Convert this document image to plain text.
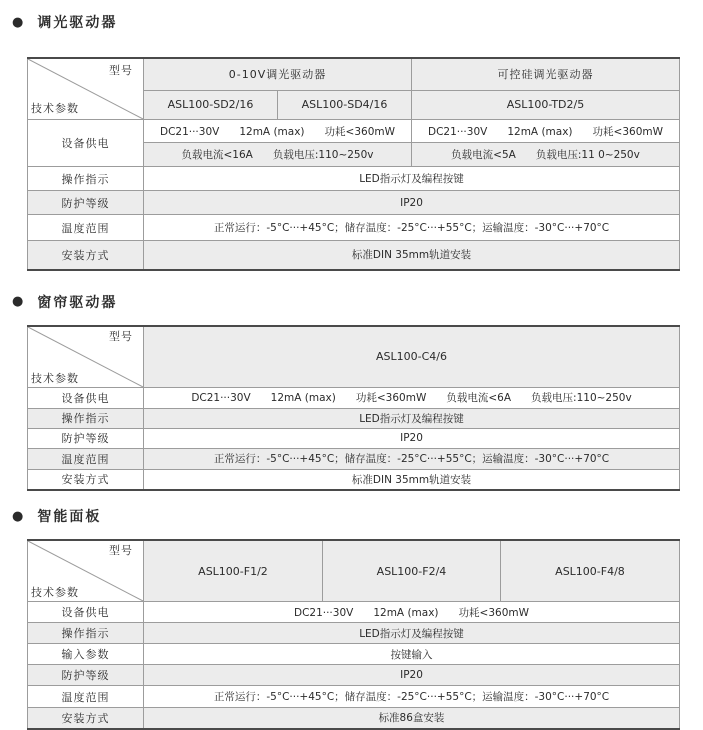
● 调光驱动器

型号

技术参数	0-10V调光驱动器		可控硅调光驱动器
	ASL100-SD2/16	ASL100-SD4/16	ASL100-TD2/5
设备供电	DC21···30V      12mA (max)      功耗<360mW		DC21···30V      12mA (max)      功耗<360mW
	负载电流<16A      负载电压:110~250v		负载电流<5A      负载电压:11 0~250v
操作指示	LED指示灯及编程按键		
防护等级	IP20		
温度范围	正常运行：-5°C···+45°C；储存温度：-25°C···+55°C；运输温度：-30°C···+70°C		
安装方式	标准DIN 35mm轨道安装		
● 窗帘驱动器

型号

技术参数	ASL100-C4/6
设备供电	DC21···30V      12mA (max)      功耗<360mW      负载电流<6A      负载电压:110~250v
操作指示	LED指示灯及编程按键
防护等级	IP20
温度范围	正常运行：-5°C···+45°C；储存温度：-25°C···+55°C；运输温度：-30°C···+70°C
安装方式	标准DIN 35mm轨道安装
● 智能面板

型号

技术参数	ASL100-F1/2	ASL100-F2/4	ASL100-F4/8
设备供电	DC21···30V      12mA (max)      功耗<360mW		
操作指示	LED指示灯及编程按键		
输入参数	按键输入		
防护等级	IP20		
温度范围	正常运行：-5°C···+45°C；储存温度：-25°C···+55°C；运输温度：-30°C···+70°C		
安装方式	标准86盒安装		
